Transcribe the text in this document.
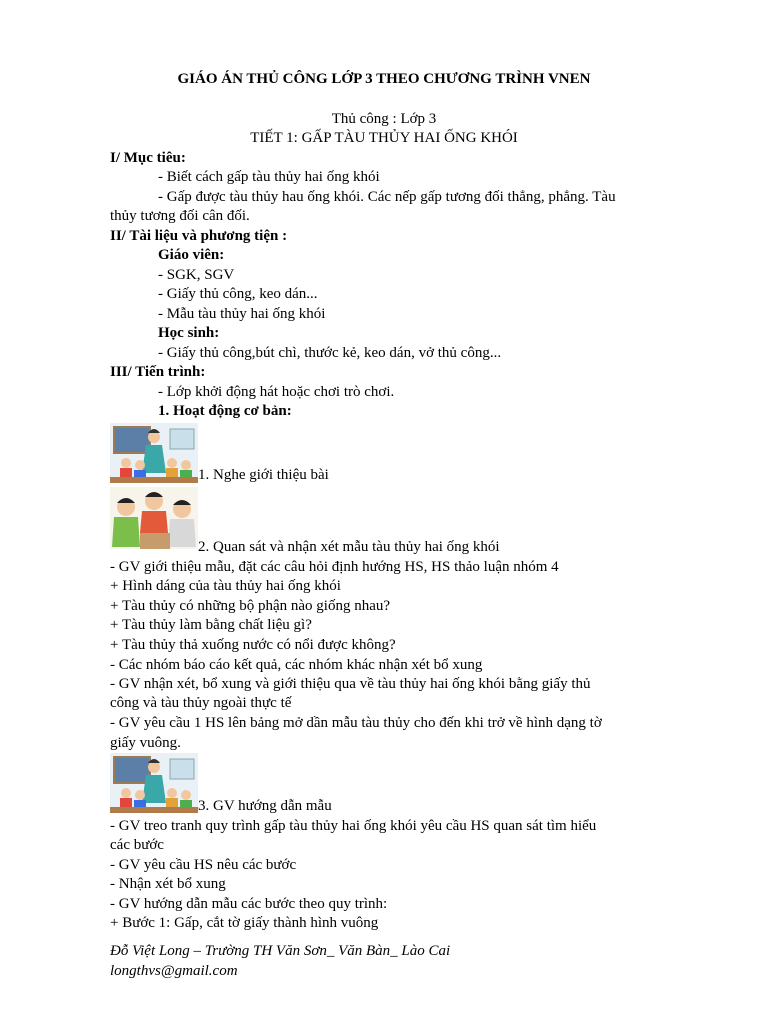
GIÁO ÁN THỦ CÔNG LỚP 3 THEO CHƯƠNG TRÌNH VNEN
Thủ công : Lớp 3
TIẾT 1: GẤP TÀU THỦY HAI ỐNG KHÓI
I/ Mục tiêu:
- Biết cách gấp tàu thủy hai ống khói
- Gấp được tàu thủy hau ống khói. Các nếp gấp tương đối thẳng, phẳng. Tàu
thủy tương đối cân đối.
II/ Tài liệu và phương tiện :
Giáo viên:
- SGK, SGV
- Giấy thủ công, keo dán...
- Mẫu tàu thủy hai ống khói
Học sinh:
- Giấy thủ công,bút chì, thước kẻ, keo dán, vở thủ công...
III/ Tiến trình:
- Lớp khởi động hát hoặc chơi trò chơi.
1. Hoạt động cơ bản:
1. Nghe giới thiệu bài
2. Quan sát và nhận xét mẫu tàu thủy hai ống khói
- GV giới thiệu mẫu, đặt các câu hỏi định hướng HS, HS thảo luận nhóm 4
+ Hình dáng của tàu thủy hai ống khói
+ Tàu thủy có những bộ phận nào giống nhau?
+ Tàu thủy làm bằng chất liệu gì?
+ Tàu thủy thả xuống nước có nổi được không?
- Các nhóm báo cáo kết quả, các nhóm khác nhận xét bổ xung
- GV nhận xét, bổ xung và giới thiệu qua về tàu thủy hai ống khói bằng giấy thủ
công và tàu thủy ngoài thực tế
- GV yêu cầu 1 HS lên bảng mở dần mẫu tàu thủy cho đến khi trở về hình dạng tờ
giấy vuông.
3. GV hướng dẫn mẫu
- GV treo tranh quy trình gấp tàu thủy hai ống khói yêu cầu HS quan sát tìm hiểu
các bước
- GV yêu cầu HS nêu các bước
- Nhận xét bổ xung
- GV hướng dẫn mẫu các bước theo quy trình:
+ Bước 1: Gấp, cắt tờ giấy thành hình vuông
Đỗ Việt Long – Trường TH Văn Sơn_ Văn Bàn_ Lào Cai
longthvs@gmail.com
